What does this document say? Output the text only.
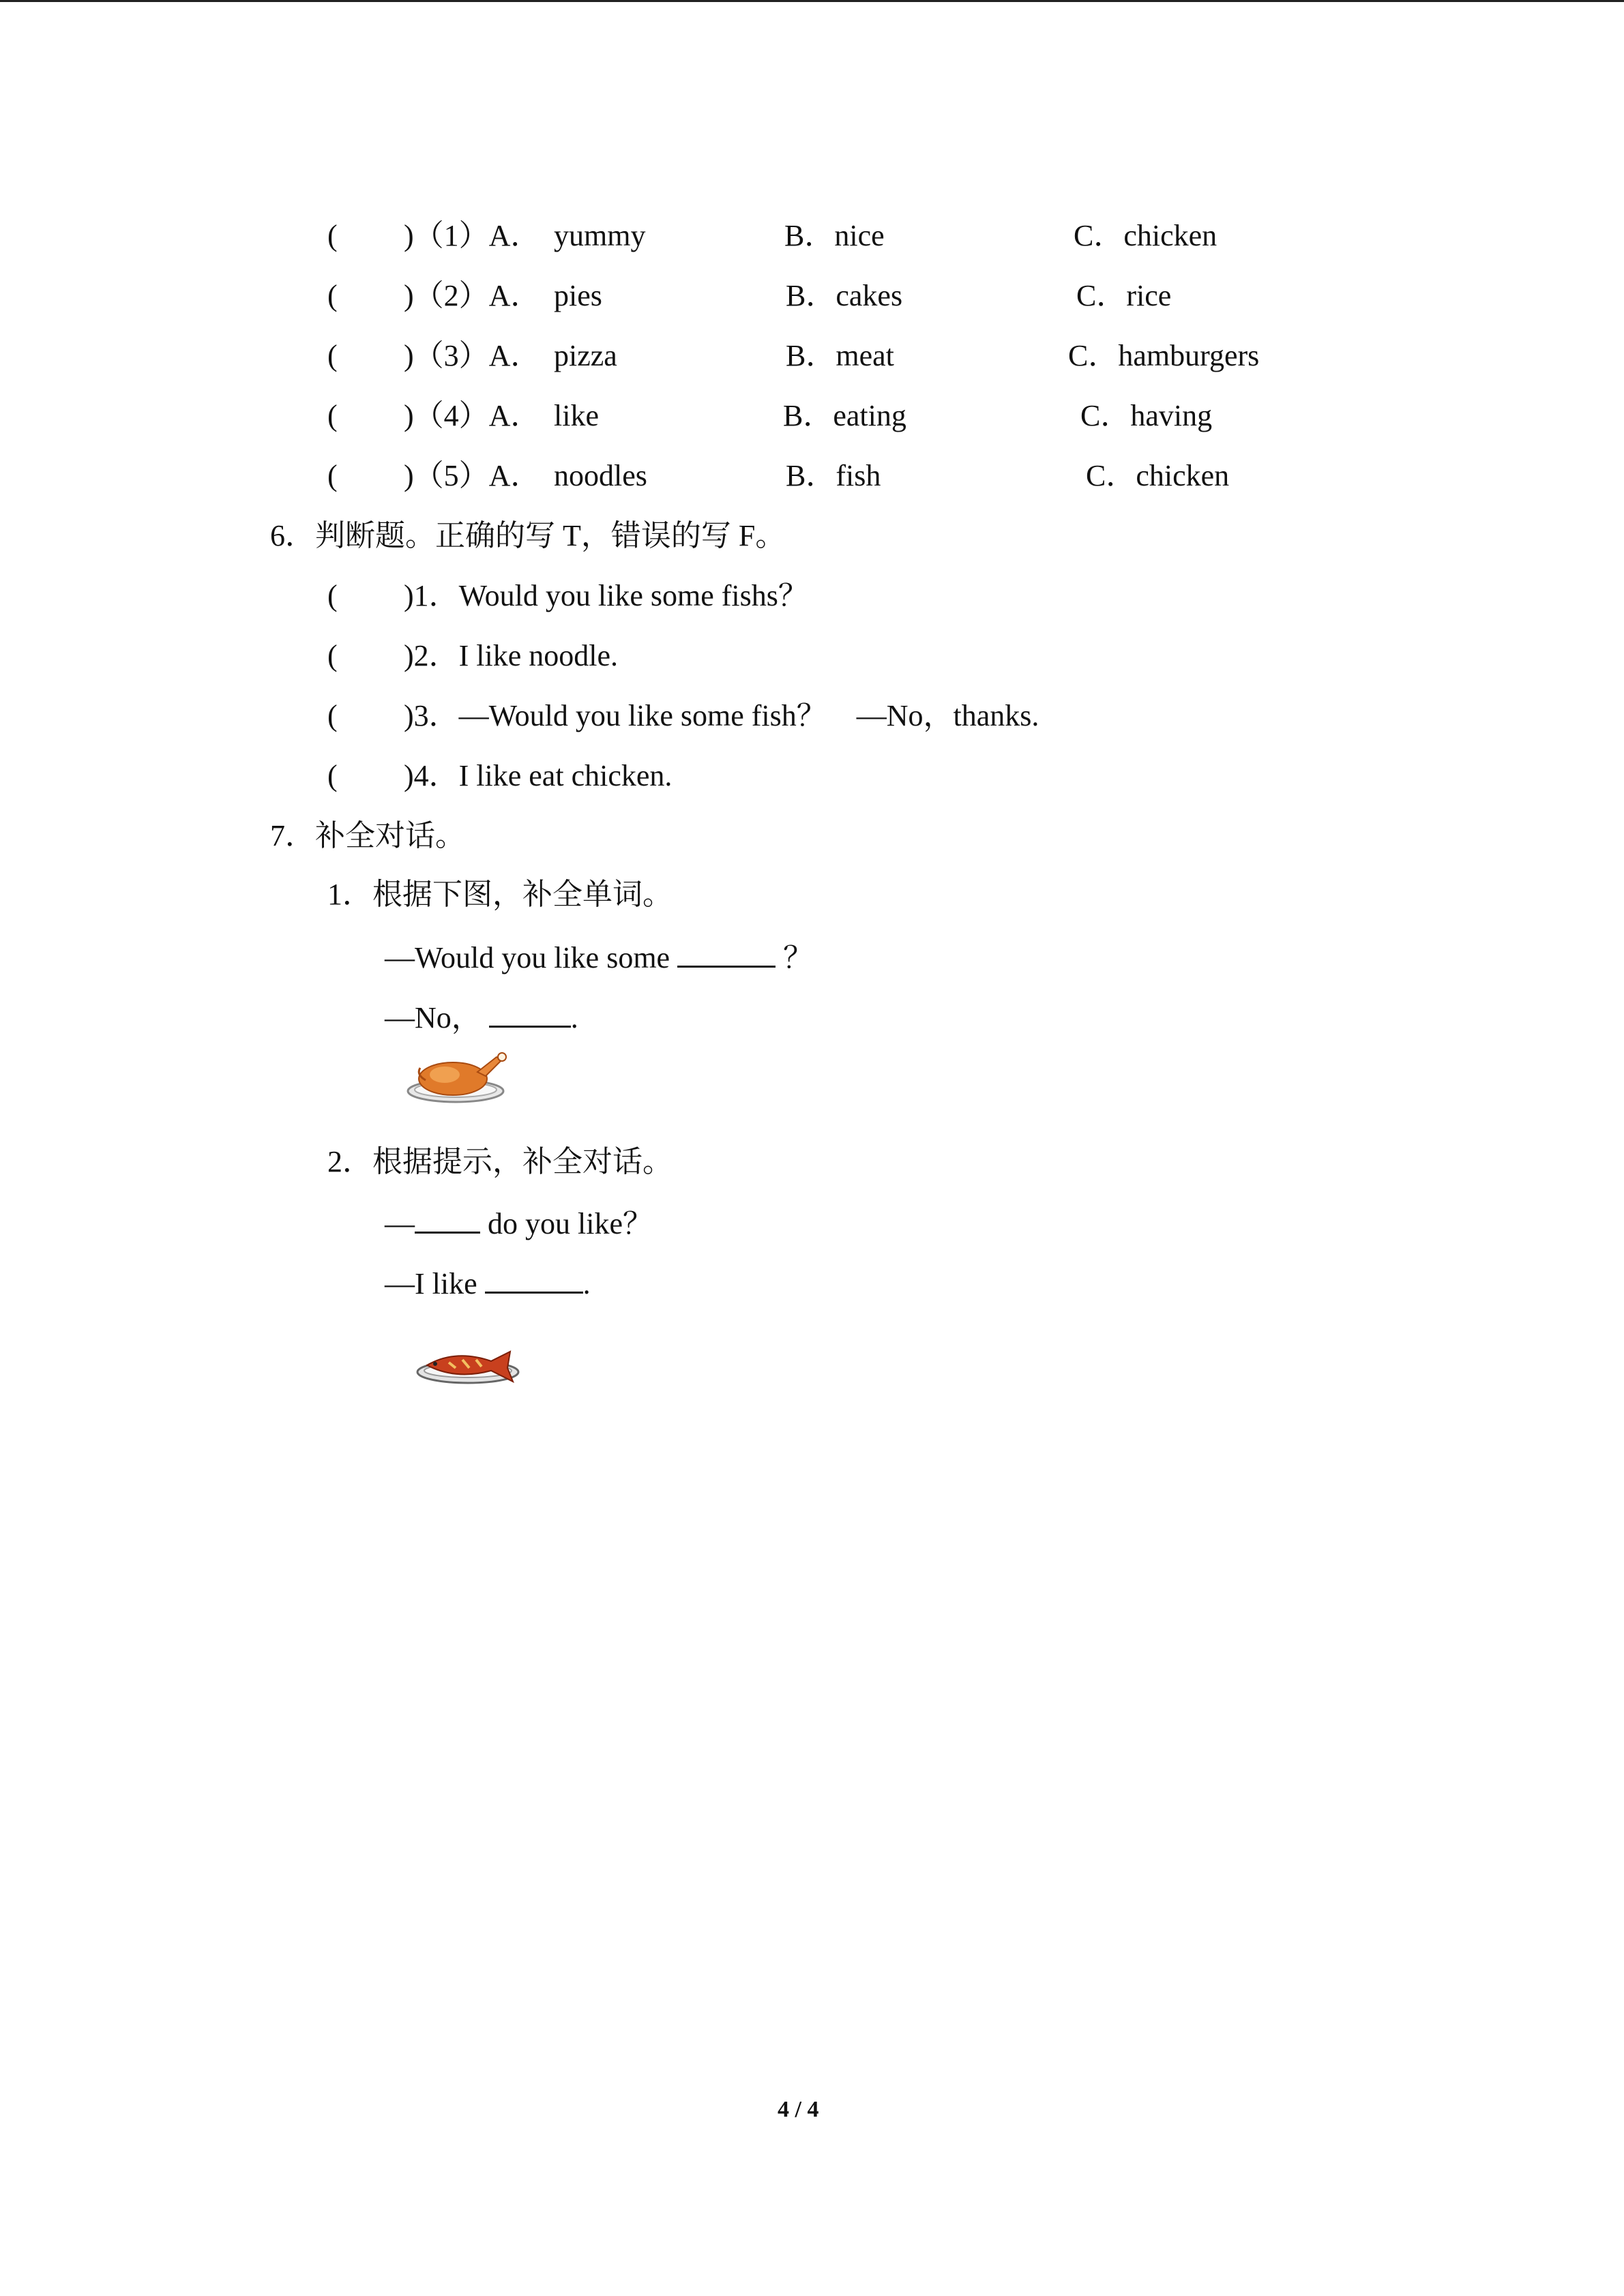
( )（1）A． yummy	B．nice	C．chicken
( )（2）A． pies	B．cakes	C．rice
( )（3）A． pizza	B．meat	C．hamburgers
( )（4）A． like	B．eating	C．having
( )（5）A． noodles	B．fish	C．chicken
6．判断题。正确的写 T，错误的写 F。
( )1．Would you like some fishs？
( )2．I like noodle.
( )3．—Would you like some fish？    —No，thanks.
( )4．I like eat chicken.
7．补全对话。
1．根据下图，补全单词。
—Would you like some	？
—No，	.
2．根据提示，补全对话。
— do you like？
—I like	.
4 / 4
